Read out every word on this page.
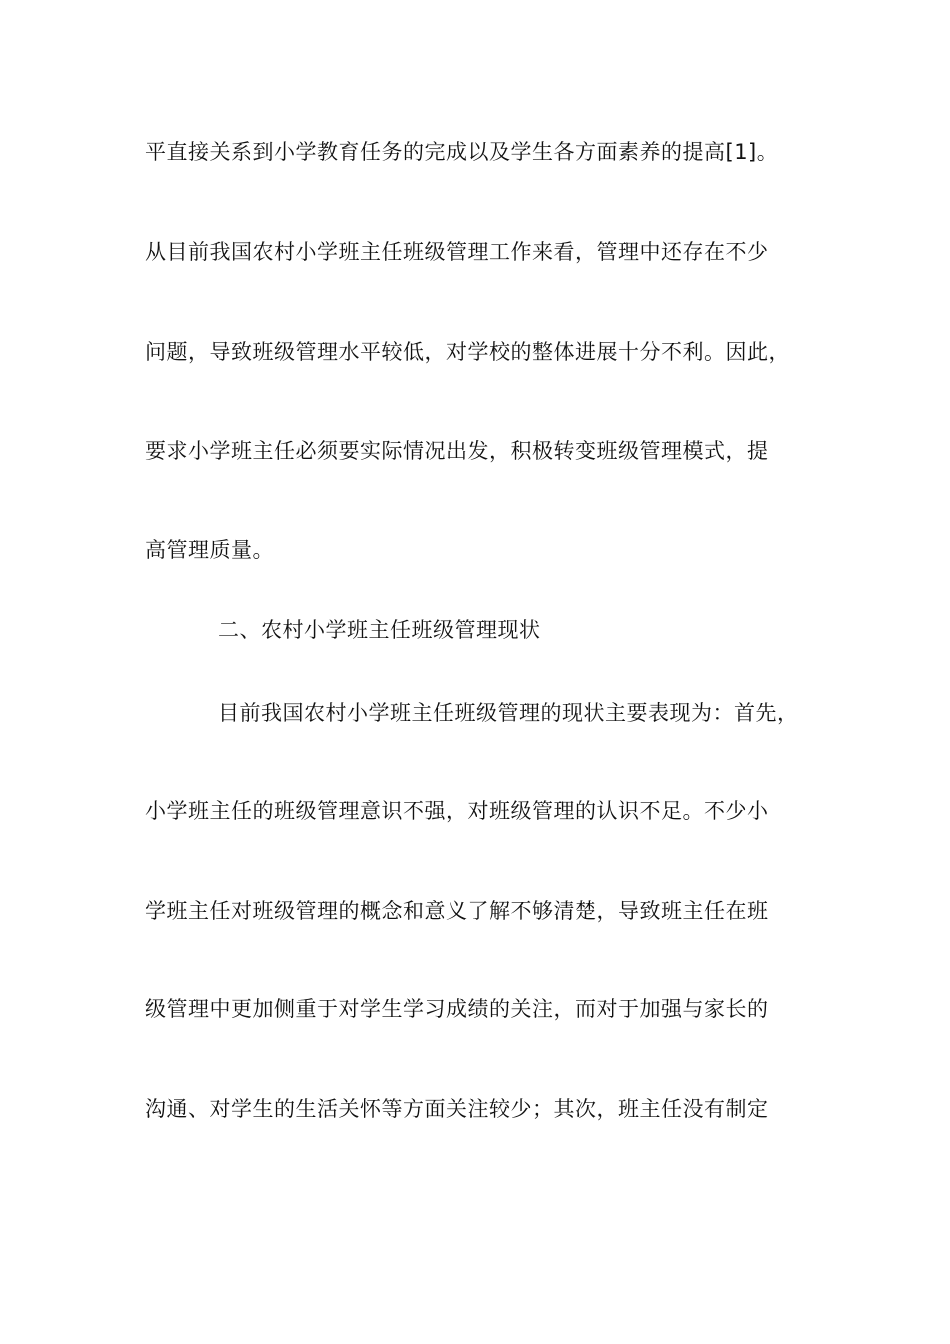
平直接关系到小学教育任务的完成以及学生各方面素养的提高[1]。
从目前我国农村小学班主任班级管理工作来看，管理中还存在不少
问题，导致班级管理水平较低，对学校的整体进展十分不利。因此，
要求小学班主任必须要实际情况出发，积极转变班级管理模式，提
高管理质量。
二、农村小学班主任班级管理现状
目前我国农村小学班主任班级管理的现状主要表现为：首先，
小学班主任的班级管理意识不强，对班级管理的认识不足。不少小
学班主任对班级管理的概念和意义了解不够清楚，导致班主任在班
级管理中更加侧重于对学生学习成绩的关注，而对于加强与家长的
沟通、对学生的生活关怀等方面关注较少；其次，班主任没有制定
